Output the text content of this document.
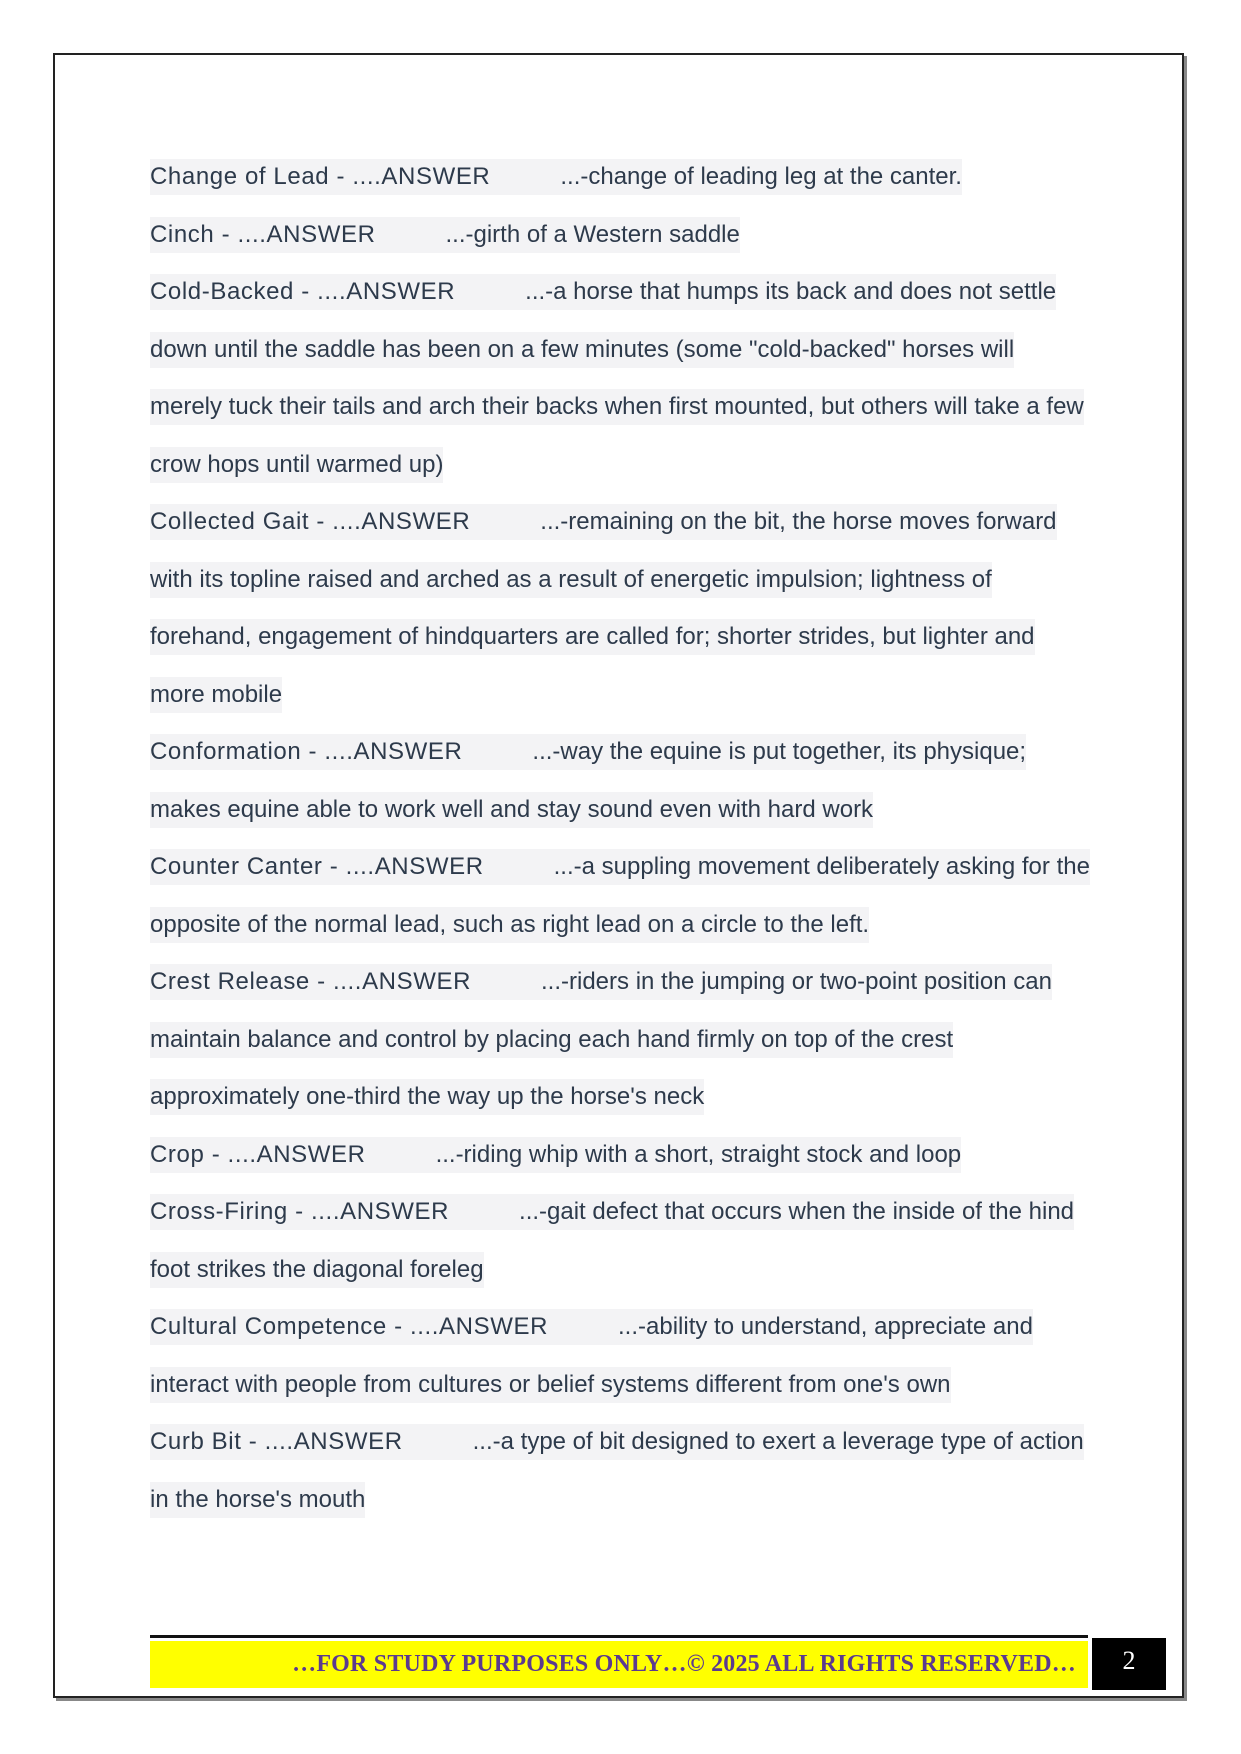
Change of Lead - ....ANSWER	...-change of leading leg at the canter.
Cinch - ....ANSWER	...-girth of a Western saddle
Cold-Backed - ....ANSWER	...-a horse that humps its back and does not settle down until the saddle has been on a few minutes (some "cold-backed" horses will merely tuck their tails and arch their backs when first mounted, but others will take a few crow hops until warmed up)
Collected Gait - ....ANSWER	...-remaining on the bit, the horse moves forward with its topline raised and arched as a result of energetic impulsion; lightness of forehand, engagement of hindquarters are called for; shorter strides, but lighter and more mobile
Conformation - ....ANSWER	...-way the equine is put together, its physique; makes equine able to work well and stay sound even with hard work
Counter Canter - ....ANSWER	...-a suppling movement deliberately asking for the opposite of the normal lead, such as right lead on a circle to the left.
Crest Release - ....ANSWER	...-riders in the jumping or two-point position can maintain balance and control by placing each hand firmly on top of the crest approximately one-third the way up the horse's neck
Crop - ....ANSWER	...-riding whip with a short, straight stock and loop
Cross-Firing - ....ANSWER	...-gait defect that occurs when the inside of the hind foot strikes the diagonal foreleg
Cultural Competence - ....ANSWER	...-ability to understand, appreciate and interact with people from cultures or belief systems different from one's own
Curb Bit - ....ANSWER	...-a type of bit designed to exert a leverage type of action in the horse's mouth
…FOR STUDY PURPOSES ONLY…© 2025 ALL RIGHTS RESERVED…	2
